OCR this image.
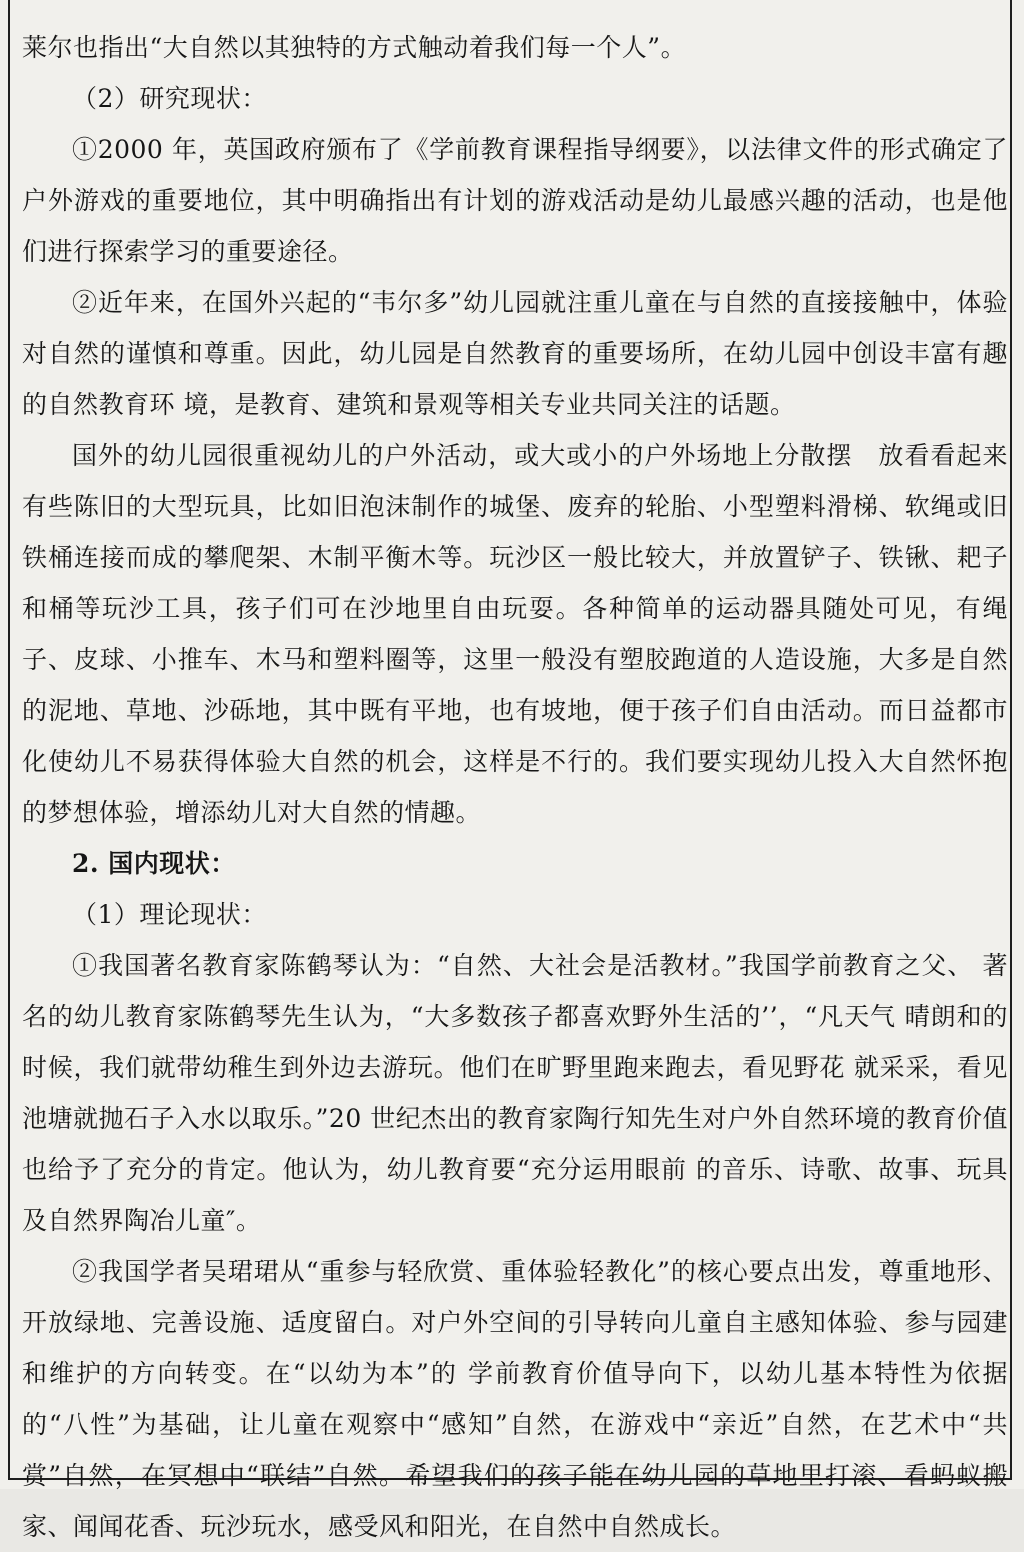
莱尔也指出“大自然以其独特的方式触动着我们每一个人”。

（2）研究现状：

①2000 年，英国政府颁布了《学前教育课程指导纲要》，以法律文件的形式确定了户外游戏的重要地位，其中明确指出有计划的游戏活动是幼儿最感兴趣的活动，也是他们进行探索学习的重要途径。

②近年来，在国外兴起的“韦尔多”幼儿园就注重儿童在与自然的直接接触中，体验对自然的谨慎和尊重。因此，幼儿园是自然教育的重要场所，在幼儿园中创设丰富有趣的自然教育环 境，是教育、建筑和景观等相关专业共同关注的话题。

国外的幼儿园很重视幼儿的户外活动，或大或小的户外场地上分散摆　放看看起来有些陈旧的大型玩具，比如旧泡沫制作的城堡、废弃的轮胎、小型塑料滑梯、软绳或旧铁桶连接而成的攀爬架、木制平衡木等。玩沙区一般比较大，并放置铲子、铁锹、耙子和桶等玩沙工具，孩子们可在沙地里自由玩耍。各种简单的运动器具随处可见，有绳子、皮球、小推车、木马和塑料圈等，这里一般没有塑胶跑道的人造设施，大多是自然的泥地、草地、沙砾地，其中既有平地，也有坡地，便于孩子们自由活动。而日益都市化使幼儿不易获得体验大自然的机会，这样是不行的。我们要实现幼儿投入大自然怀抱的梦想体验，增添幼儿对大自然的情趣。

2. 国内现状：

（1）理论现状：

①我国著名教育家陈鹤琴认为：“自然、大社会是活教材。”我国学前教育之父、 著名的幼儿教育家陈鹤琴先生认为，“大多数孩子都喜欢野外生活的’’，“凡天气 晴朗和的时候，我们就带幼稚生到外边去游玩。他们在旷野里跑来跑去，看见野花 就采采，看见池塘就抛石子入水以取乐。”20 世纪杰出的教育家陶行知先生对户外自然环境的教育价值也给予了充分的肯定。他认为，幼儿教育要“充分运用眼前 的音乐、诗歌、故事、玩具及自然界陶冶儿童″。

②我国学者吴珺珺从“重参与轻欣赏、重体验轻教化”的核心要点出发，尊重地形、开放绿地、完善设施、适度留白。对户外空间的引导转向儿童自主感知体验、参与园建和维护的方向转变。在“以幼为本”的 学前教育价值导向下，以幼儿基本特性为依据的“八性”为基础，让儿童在观察中“感知”自然，在游戏中“亲近”自然，在艺术中“共赏”自然，在冥想中“联结”自然。希望我们的孩子能在幼儿园的草地里打滚、看蚂蚁搬家、闻闻花香、玩沙玩水，感受风和阳光，在自然中自然成长。
